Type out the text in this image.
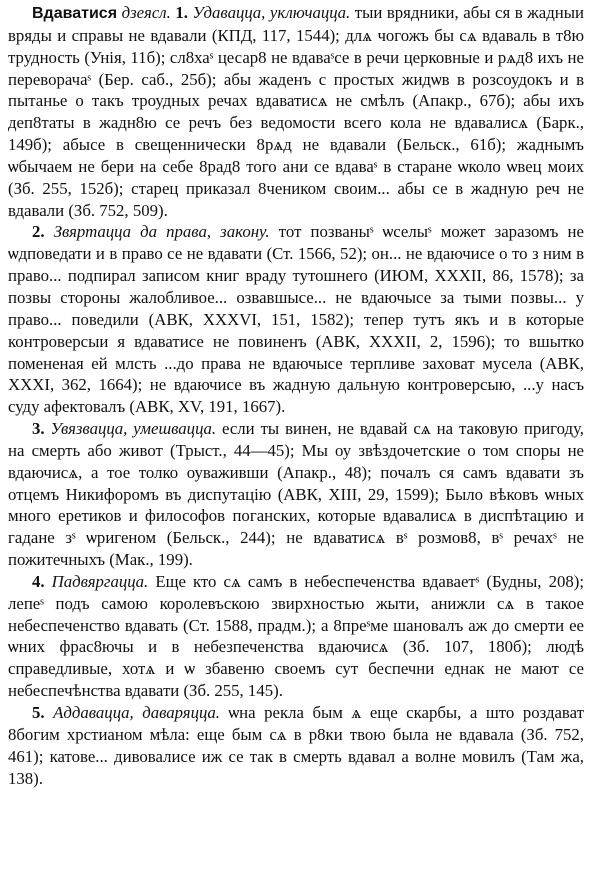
Вдаватися дзеясл. 1. Удаваццa, уключаццa. тыи врядники, абы ся в жадныи вряды и справы не вдавали (КПД, 117, 1544); длѧ чогожъ бы сѧ вдаваль в т8ю трудность (Унія, 11б); сл8хаˢ цесар8 не вдаваˢсе в речи церковные и рѧд8 ихъ не переворачаˢ (Бер. саб., 25б); абы жаденъ с простых жидѡв в розсоудокъ и в пытанье о такъ троудных речах вдаватисѧ не смѣлъ (Апакр., 67б); абы ихъ деп8таты в жадн8ю се речъ без ведомости всего кола не вдавалисѧ (Барк., 149б); абысе в свещеннически 8рѧд не вдавали (Бельск., 61б); жаднымъ ѡбычаем не бери на себе 8рад8 того ани се вдаваˢ в старане ѡколо ѡвец моих (Зб. 255, 152б); старец приказал 8чеником своим... абы се в жадную реч не вдавали (Зб. 752, 509).

2. Звяртаццa да права, закону. тот позваныˢ ѡселыˢ может заразомъ не ѡдповедати и в право се не вдавати (Ст. 1566, 52); он... не вдаючисе о то з ним в право... подпирал записом книг враду тутошнего (ИЮМ, XXXII, 86, 1578); за позвы стороны жалобливое... озвавшысе... не вдаючысе за тыми позвы... у право... поведили (АВК, XXXVI, 151, 1582); тепер тутъ якъ и в которые контроверсыи я вдаватисе не повиненъ (АВК, XXXII, 2, 1596); то вшытко помененая ей млсть ...до права не вдаючысе терпливе заховат мусела (АВК, XXXI, 362, 1664); не вдаючисе въ жадную дальную контроверсыю, ...у насъ суду афектовалъ (АВК, XV, 191, 1667).

3. Увязваццa, умешваццa. если ты винен, не вдавай сѧ на таковую пригоду, на смерть або живот (Трыст., 44—45); Мы оу звѣздочетские о том споры не вдаючисѧ, а тое толко оуваживши (Апакр., 48); почалъ ся самъ вдавати зъ отцемъ Никифоромъ въ диспутацію (АВК, XIII, 29, 1599); Было вѣковъ ѡных много еретиков и философов поганских, которые вдавалисѧ в диспѣтацию и гадане зˢ ѡригеном (Бельск., 244); не вдаватисѧ вˢ розмов8, вˢ речахˢ не пожитечныхъ (Мак., 199).

4. Падвяргаццa. Еще кто сѧ самъ в небеспеченства вдаваетˢ (Будны, 208); лепеˢ подъ самою королевъскою звирхностью жыти, анижли сѧ в такое небеспеченство вдавать (Ст. 1588, прадм.); а 8преˢме шановалъ аж до смерти ее ѡних фрас8ючы и в небезпеченства вдаючисѧ (Зб. 107, 180б); людѣ справедливые, хотѧ и ѡ збавеню своемъ сут беспечни еднак не мают се небеспечѣнства вдавати (Зб. 255, 145).

5. Аддаваццa, даваряццa. ѡна рекла бым ѧ еще скарбы, а што роздават 8богим хрстианом мѣла: еще бым сѧ в р8ки твою была не вдавала (Зб. 752, 461); катове... дивовалисе иж се так в смерть вдавал а волне мовилъ (Там жа, 138).
